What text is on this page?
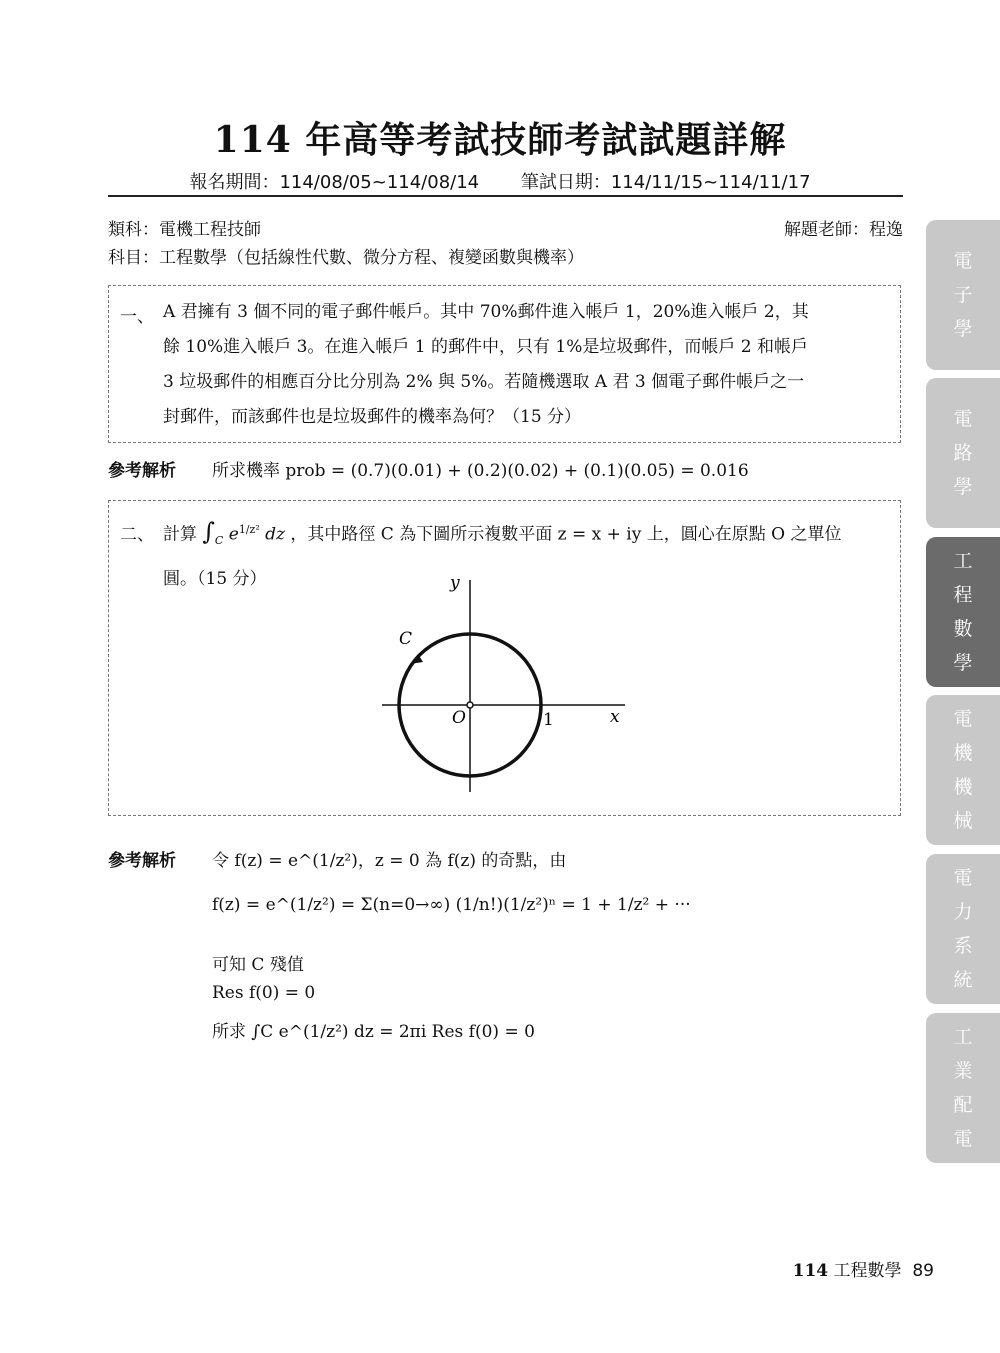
114 年高等考試技師考試試題詳解
報名期間：114/08/05~114/08/14 筆試日期：114/11/15~114/11/17
類科：電機工程技師	解題老師：程逸
科目：工程數學（包括線性代數、微分方程、複變函數與機率）
一、 A 君擁有 3 個不同的電子郵件帳戶。其中 70%郵件進入帳戶 1，20%進入帳戶 2，其
餘 10%進入帳戶 3。在進入帳戶 1 的郵件中，只有 1%是垃圾郵件，而帳戶 2 和帳戶
3 垃圾郵件的相應百分比分別為 2% 與 5%。若隨機選取 A 君 3 個電子郵件帳戶之一
封郵件，而該郵件也是垃圾郵件的機率為何？（15 分）
參考解析 所求機率 prob = (0.7)(0.01) + (0.2)(0.02) + (0.1)(0.05) = 0.016
二、 計算 $\int_C$ $e^{1/z^2}$ dz ，其中路徑 C 為下圖所示複數平面 z = x + iy 上，圓心在原點 O 之單位
圓。（15 分）	y
x
C
O	1
參考解析 令 f(z) = e^(1/z²)，z = 0 為 f(z) 的奇點，由
f(z) = e^(1/z²) = Σ(n=0→∞) (1/n!)(1/z²)ⁿ = 1 + 1/z² + ···
可知 C 殘值
Res f(0) = 0
所求 ∫C e^(1/z²) dz = 2πi Res f(0) = 0
電
子
學
電
路
學
工
程
數
學
電
機
機
械
電
力
系
統
工
業
配
電
114 工程數學 89
